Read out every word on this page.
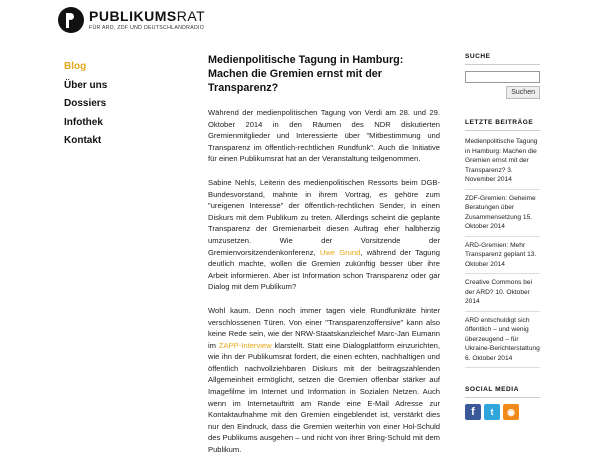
PUBLIKUMSRAT
FÜR ARD, ZDF UND DEUTSCHLANDRADIO
Blog
Über uns
Dossiers
Infothek
Kontakt
Medienpolitische Tagung in Hamburg: Machen die Gremien ernst mit der Transparenz?

Während der medienpolitischen Tagung von Verdi am 28. und 29. Oktober 2014 in den Räumen des NDR diskutierten Gremienmitglieder und Interessierte über "Mitbestimmung und Transparenz im öffentlich-rechtlichen Rundfunk". Auch die Initiative für einen Publikumsrat hat an der Veranstaltung teilgenommen.

Sabine Nehls, Leiterin des medienpolitischen Ressorts beim DGB-Bundesvorstand, mahnte in ihrem Vortrag, es gehöre zum "ureigenen Interesse" der öffentlich-rechtlichen Sender, in einen Diskurs mit dem Publikum zu treten. Allerdings scheint die geplante Transparenz der Gremienarbeit diesen Auftrag eher halbherzig umzusetzen. Wie der Vorsitzende der Gremienvorsitzendenkonferenz, Uwe Grund, während der Tagung deutlich machte, wollen die Gremien zukünftig besser über ihre Arbeit informieren. Aber ist Information schon Transparenz oder gar Dialog mit dem Publikum?

Wohl kaum. Denn noch immer tagen viele Rundfunkräte hinter verschlossenen Türen. Von einer "Transparenzoffensive" kann also keine Rede sein, wie der NRW-Staatskanzleichef Marc-Jan Eumann im ZAPP-Interview klarstellt. Statt eine Dialogplattform einzurichten, wie ihn der Publikumsrat fordert, die einen echten, nachhaltigen und öffentlich nachvollziehbaren Diskurs mit der beitragszahlenden Allgemeinheit ermöglicht, setzen die Gremien offenbar stärker auf Imagefilme im Internet und Information in Sozialen Netzen. Auch wenn im Internetauftritt am Rande eine E-Mail Adresse zur Kontaktaufnahme mit den Gremien eingeblendet ist, verstärkt dies nur den Eindruck, dass die Gremien weiterhin von einer Hol-Schuld des Publikums ausgehen – und nicht von ihrer Bring-Schuld mit dem Publikum.

SUCHE
Suchen
LETZTE BEITRÄGE
Medienpolitische Tagung in Hamburg: Machen die Gremien ernst mit der Transparenz? 3. November 2014
ZDF-Gremien: Geheime Beratungen über Zusammensetzung 15. Oktober 2014
ARD-Gremien: Mehr Transparenz geplant 13. Oktober 2014
Creative Commons bei der ARD? 10. Oktober 2014
ARD entschuldigt sich öffentlich – und wenig überzeugend – für Ukraine-Berichterstattung 6. Oktober 2014
SOCIAL MEDIA
f	t	◉
